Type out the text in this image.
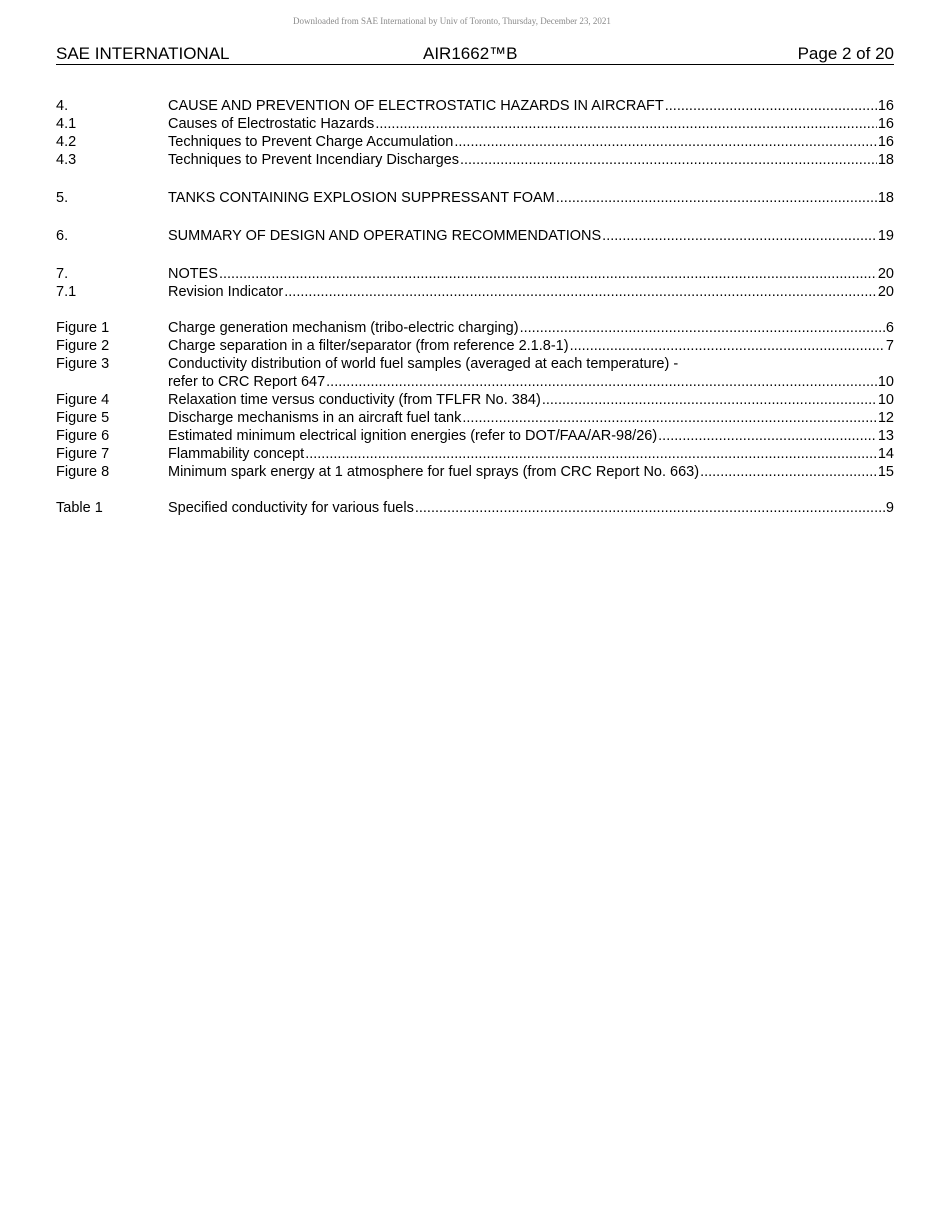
Downloaded from SAE International by Univ of Toronto, Thursday, December 23, 2021
SAE INTERNATIONAL	AIR1662™B	Page 2 of 20
4.	CAUSE AND PREVENTION OF ELECTROSTATIC HAZARDS IN AIRCRAFT .....	16
4.1	Causes of Electrostatic Hazards .....	16
4.2	Techniques to Prevent Charge Accumulation .....	16
4.3	Techniques to Prevent Incendiary Discharges .....	18
5.	TANKS CONTAINING EXPLOSION SUPPRESSANT FOAM .....	18
6.	SUMMARY OF DESIGN AND OPERATING RECOMMENDATIONS .....	19
7.	NOTES .....	20
7.1	Revision Indicator .....	20
Figure 1	Charge generation mechanism (tribo-electric charging) .....	6
Figure 2	Charge separation in a filter/separator (from reference 2.1.8-1) .....	7
Figure 3	Conductivity distribution of world fuel samples (averaged at each temperature) -
refer to CRC Report 647 .....	10
Figure 4	Relaxation time versus conductivity (from TFLFR No. 384) .....	10
Figure 5	Discharge mechanisms in an aircraft fuel tank .....	12
Figure 6	Estimated minimum electrical ignition energies (refer to DOT/FAA/AR-98/26) .....	13
Figure 7	Flammability concept .....	14
Figure 8	Minimum spark energy at 1 atmosphere for fuel sprays (from CRC Report No. 663) .....	15
Table 1	Specified conductivity for various fuels .....	9
